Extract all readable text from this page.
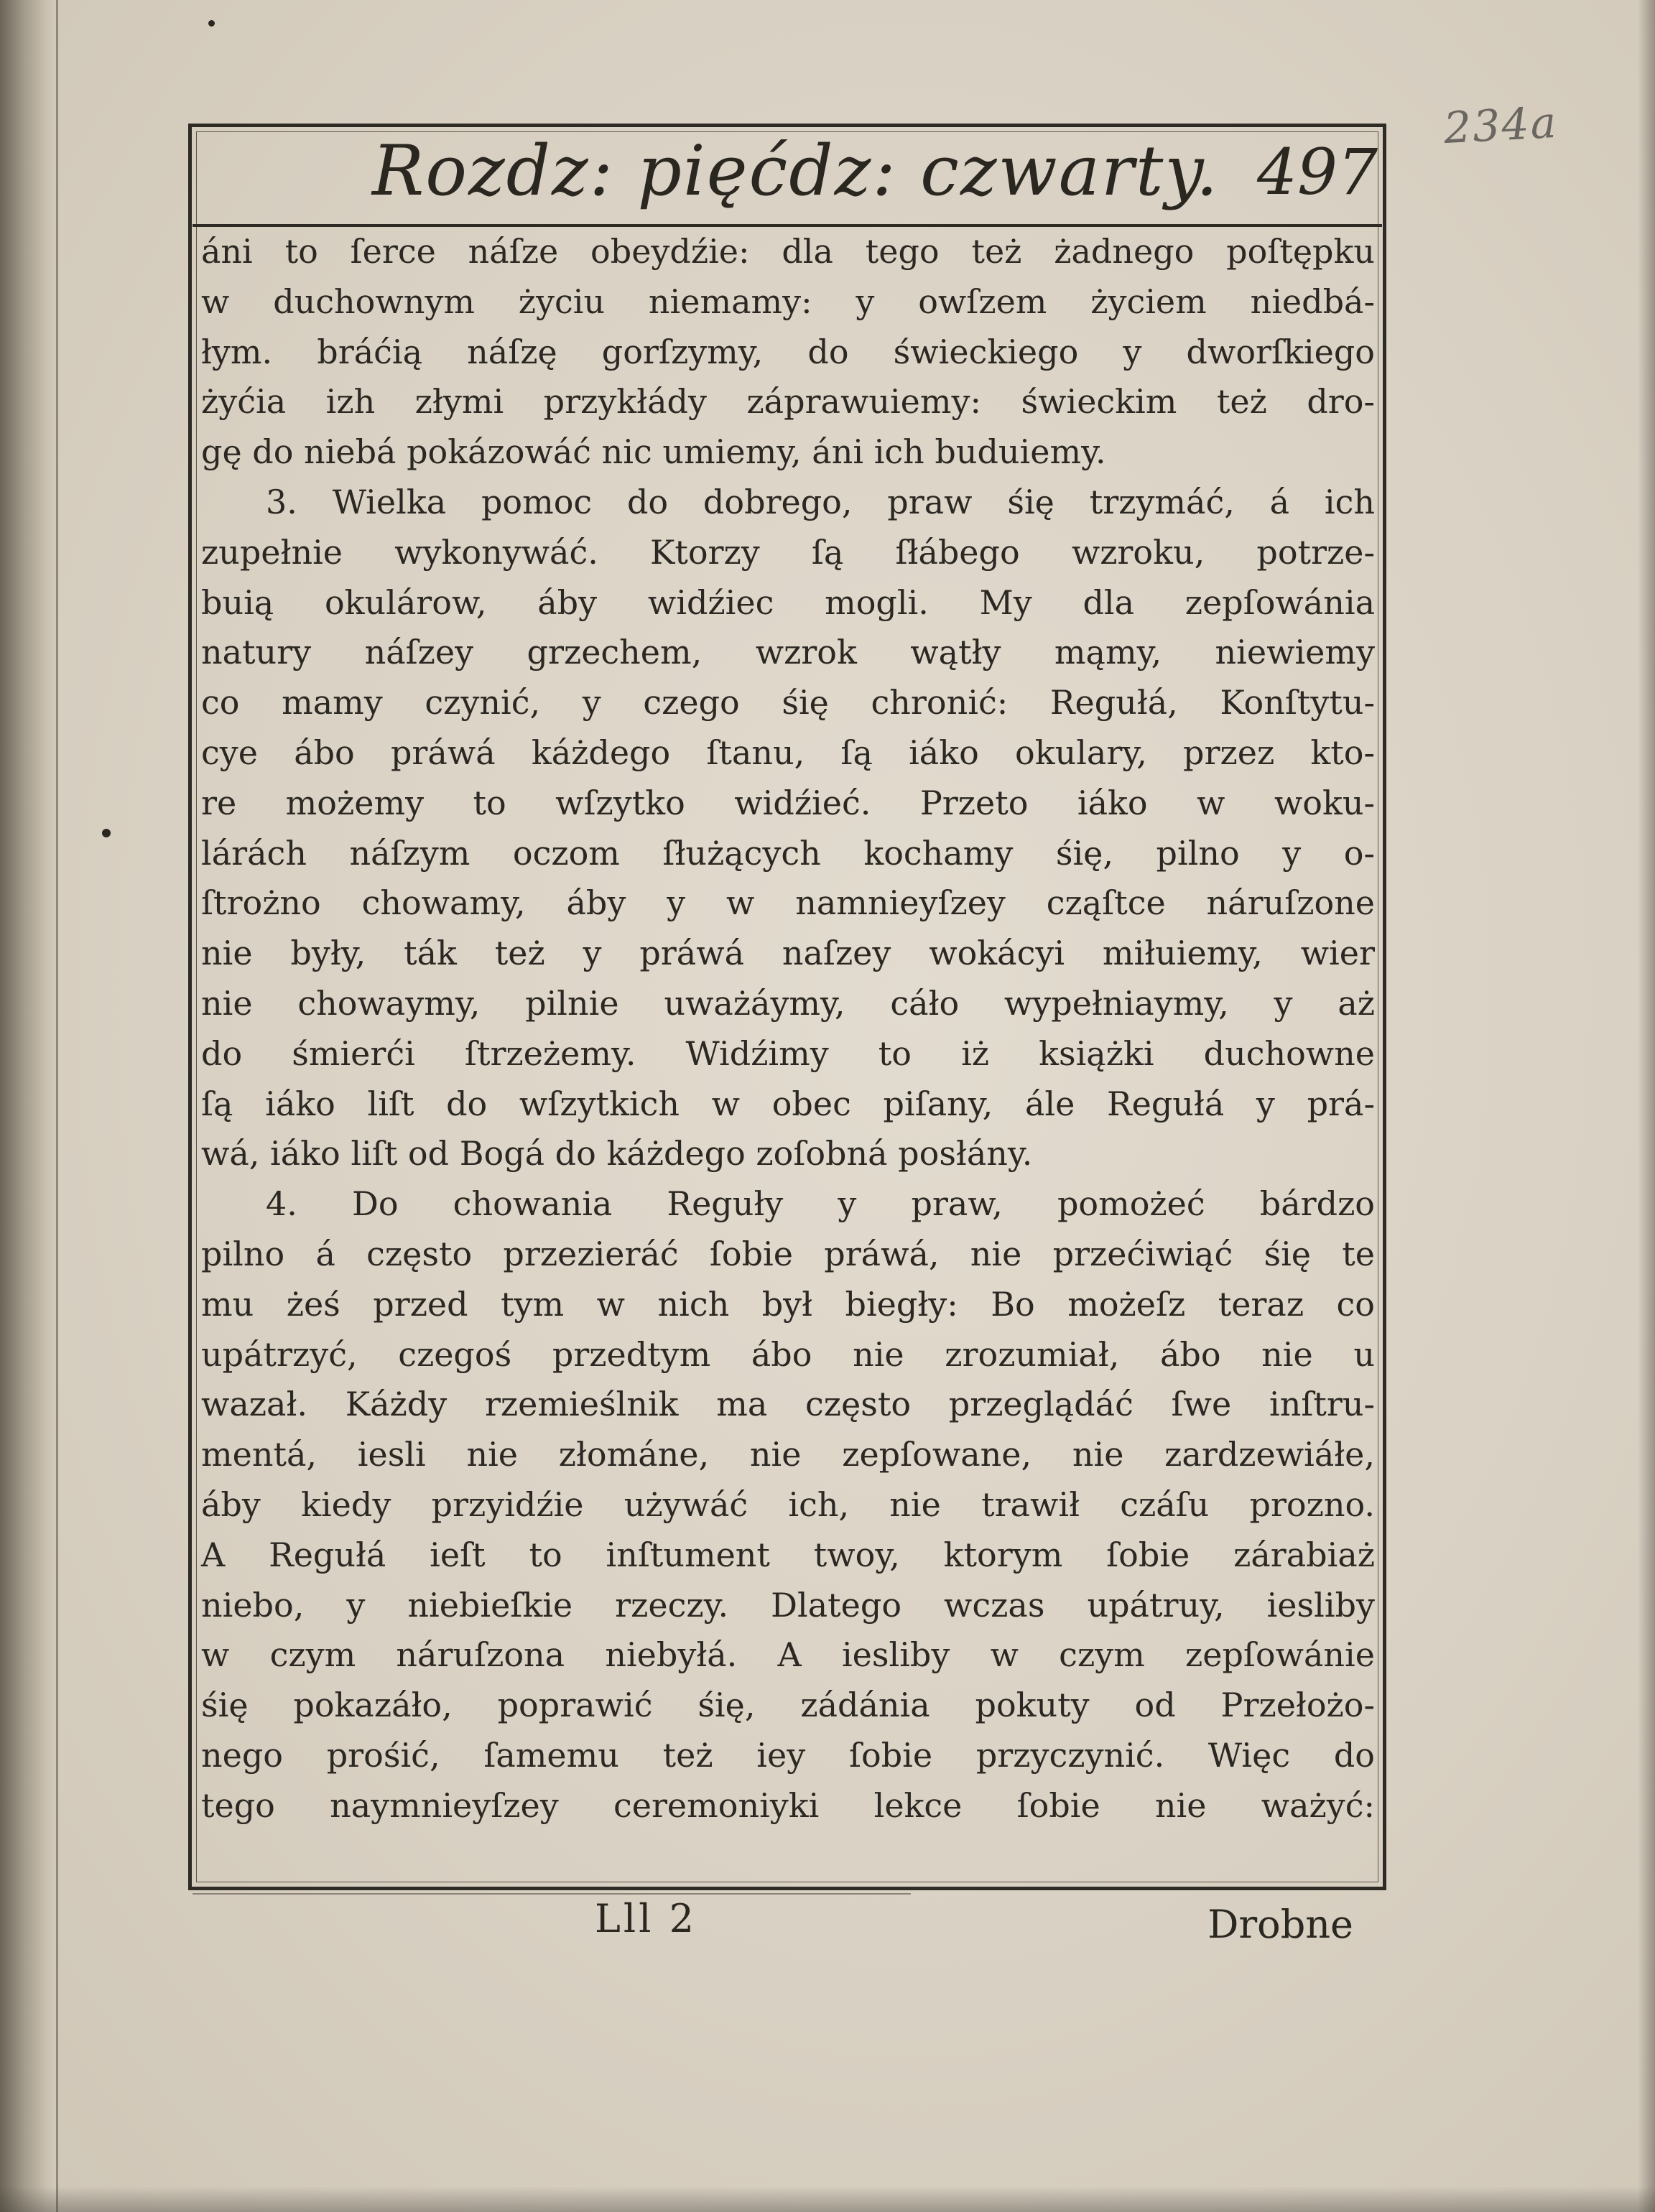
234a
Rozdz: pięćdz: czwarty. 497
áni to ſerce náſze obeydźie: dla tego też żadnego poſtępku
w duchownym życiu niemamy: y owſzem życiem niedbá-
łym. bráćią náſzę gorſzymy, do świeckiego y dworſkiego
żyćia izh złymi przykłády záprawuiemy: świeckim też dro-
gę do niebá pokázowáć nic umiemy, áni ich buduiemy.
3. Wielka pomoc do dobrego, praw śię trzymáć, á ich
zupełnie wykonywáć. Ktorzy ſą ſłábego wzroku, potrze-
buią okulárow, áby widźiec mogli. My dla zepſowánia
natury náſzey grzechem, wzrok wątły mąmy, niewiemy
co mamy czynić, y czego śię chronić: Regułá, Konſtytu-
cye ábo práwá káżdego ſtanu, ſą iáko okulary, przez kto-
re możemy to wſzytko widźieć. Przeto iáko w woku-
lárách náſzym oczom ſłużących kochamy śię, pilno y o-
ſtrożno chowamy, áby y w namnieyſzey cząſtce náruſzone
nie były, ták też y práwá naſzey wokácyi miłuiemy, wier
nie chowaymy, pilnie uważáymy, cáło wypełniaymy, y aż
do śmierći ſtrzeżemy. Widźimy to iż książki duchowne
ſą iáko liſt do wſzytkich w obec piſany, ále Regułá y prá-
wá, iáko liſt od Bogá do káżdego zoſobná posłány.
4. Do chowania Reguły y praw, pomożeć bárdzo
pilno á często przezieráć ſobie práwá, nie przećiwiąć śię te
mu żeś przed tym w nich był biegły: Bo możeſz teraz co
upátrzyć, czegoś przedtym ábo nie zrozumiał, ábo nie u
wazał. Káżdy rzemieślnik ma często przeglądáć ſwe inſtru-
mentá, iesli nie złománe, nie zepſowane, nie zardzewiáłe,
áby kiedy przyidźie używáć ich, nie trawił czáſu prozno.
A Regułá ieſt to inſtument twoy, ktorym ſobie zárabiaż
niebo, y niebieſkie rzeczy. Dlatego wczas upátruy, iesliby
w czym náruſzona niebyłá. A iesliby w czym zepſowánie
śię pokazáło, poprawić śię, zádánia pokuty od Przełożo-
nego prośić, ſamemu też iey ſobie przyczynić. Więc do
tego naymnieyſzey ceremoniyki lekce ſobie nie ważyć:
Lll 2	Drobne
